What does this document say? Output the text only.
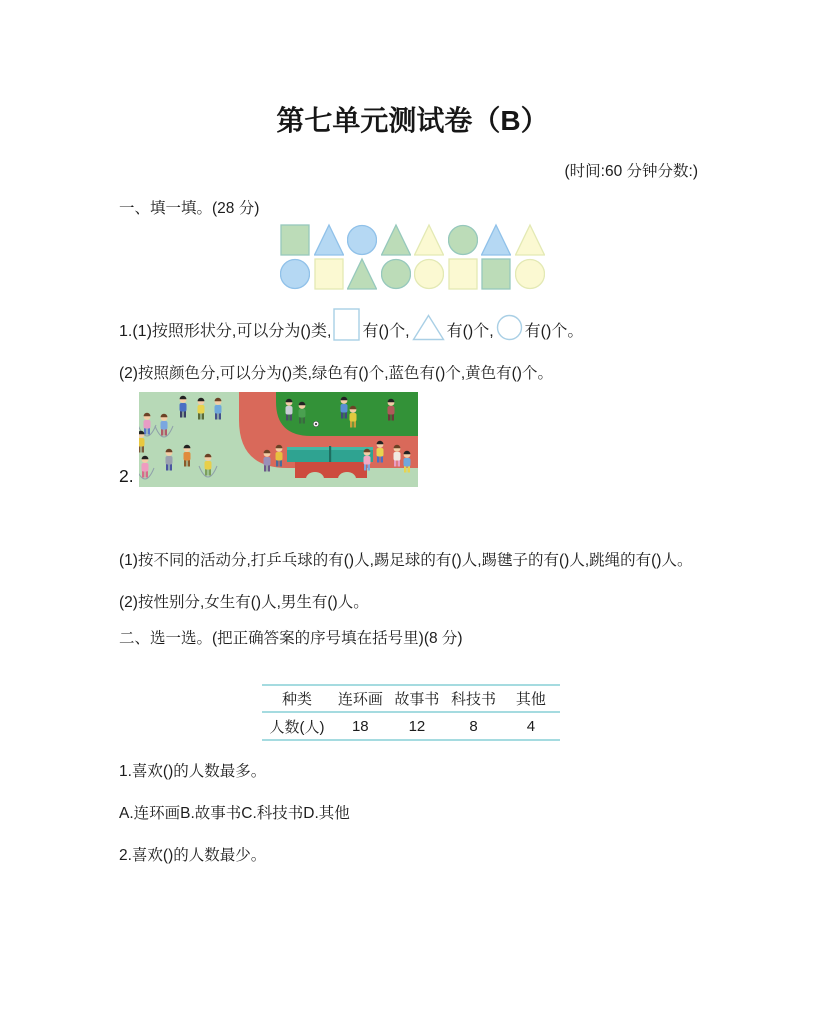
第七单元测试卷（B）
(时间:60 分钟分数:)
一、填一填。(28 分)
1.(1)按照形状分,可以分为()类, 有()个, 有()个, 有()个。
(2)按照颜色分,可以分为()类,绿色有()个,蓝色有()个,黄色有()个。
2.
(1)按不同的活动分,打乒乓球的有()人,踢足球的有()人,踢毽子的有()人,跳绳的有()人。
(2)按性别分,女生有()人,男生有()人。
二、选一选。(把正确答案的序号填在括号里)(8 分)
种类	连环画 故事书 科技书	其他
人数(人)	18	12	8	4
1.喜欢()的人数最多。
A.连环画B.故事书C.科技书D.其他
2.喜欢()的人数最少。
